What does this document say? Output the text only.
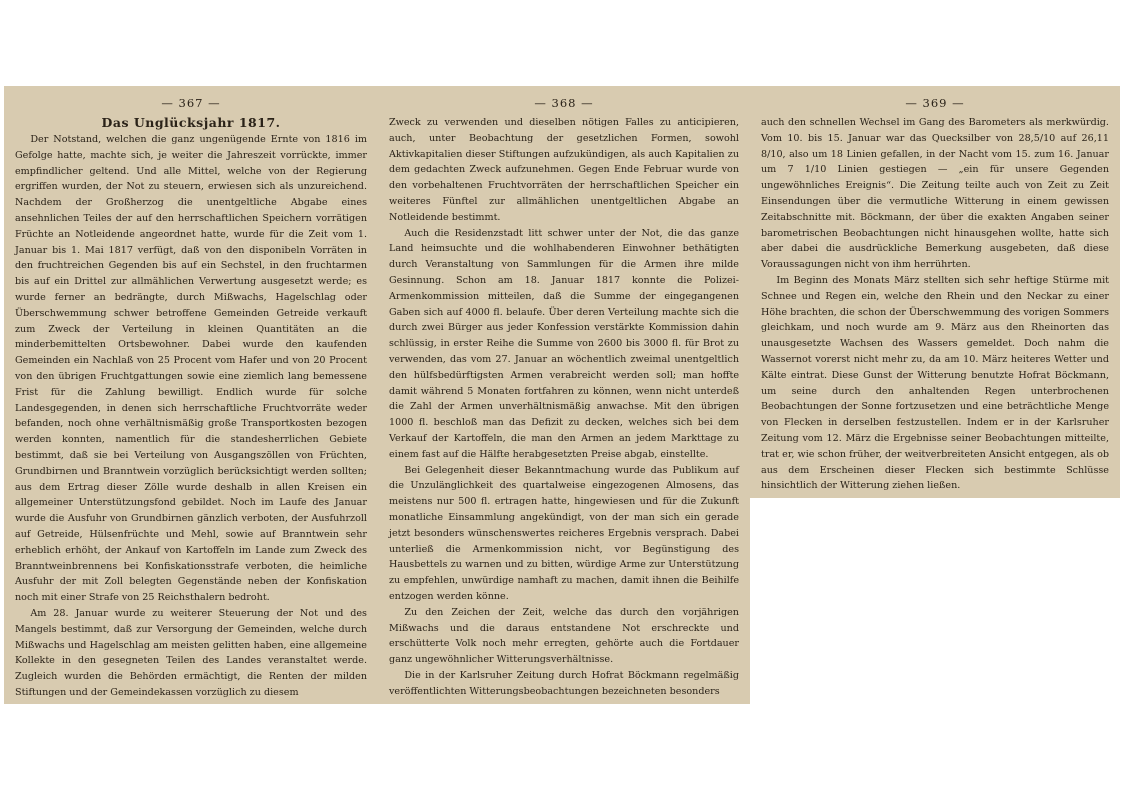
— 367 —
Das Unglücksjahr 1817.

Der Notstand, welchen die ganz ungenügende Ernte von 1816 im Gefolge hatte, machte sich, je weiter die Jahreszeit vorrückte, immer empfindlicher geltend. Und alle Mittel, welche von der Regierung ergriffen wurden, der Not zu steuern, erwiesen sich als unzureichend. Nachdem der Großherzog die unentgeltliche Abgabe eines ansehnlichen Teiles der auf den herrschaftlichen Speichern vorrätigen Früchte an Notleidende angeordnet hatte, wurde für die Zeit vom 1. Januar bis 1. Mai 1817 verfügt, daß von den disponibeln Vorräten in den fruchtreichen Gegenden bis auf ein Sechstel, in den fruchtarmen bis auf ein Drittel zur allmählichen Verwertung ausgesetzt werde; es wurde ferner an bedrängte, durch Mißwachs, Hagelschlag oder Überschwemmung schwer betroffene Gemeinden Getreide verkauft zum Zweck der Verteilung in kleinen Quantitäten an die minderbemittelten Ortsbewohner. Dabei wurde den kaufenden Gemeinden ein Nachlaß von 25 Procent vom Hafer und von 20 Procent von den übrigen Fruchtgattungen sowie eine ziemlich lang bemessene Frist für die Zahlung bewilligt. Endlich wurde für solche Landesgegenden, in denen sich herrschaftliche Fruchtvorräte weder befanden, noch ohne verhältnismäßig große Transportkosten bezogen werden konnten, namentlich für die standesherrlichen Gebiete bestimmt, daß sie bei Verteilung von Ausgangszöllen von Früchten, Grundbirnen und Branntwein vorzüglich berücksichtigt werden sollten; aus dem Ertrag dieser Zölle wurde deshalb in allen Kreisen ein allgemeiner Unterstützungsfond gebildet. Noch im Laufe des Januar wurde die Ausfuhr von Grundbirnen gänzlich verboten, der Ausfuhrzoll auf Getreide, Hülsenfrüchte und Mehl, sowie auf Branntwein sehr erheblich erhöht, der Ankauf von Kartoffeln im Lande zum Zweck des Branntweinbrennens bei Konfiskationsstrafe verboten, die heimliche Ausfuhr der mit Zoll belegten Gegenstände neben der Konfiskation noch mit einer Strafe von 25 Reichsthalern bedroht.

Am 28. Januar wurde zu weiterer Steuerung der Not und des Mangels bestimmt, daß zur Versorgung der Gemeinden, welche durch Mißwachs und Hagelschlag am meisten gelitten haben, eine allgemeine Kollekte in den gesegneten Teilen des Landes veranstaltet werde. Zugleich wurden die Behörden ermächtigt, die Renten der milden Stiftungen und der Gemeindekassen vorzüglich zu diesem

— 368 —

Zweck zu verwenden und dieselben nötigen Falles zu anticipieren, auch, unter Beobachtung der gesetzlichen Formen, sowohl Aktivkapitalien dieser Stiftungen aufzukündigen, als auch Kapitalien zu dem gedachten Zweck aufzunehmen. Gegen Ende Februar wurde von den vorbehaltenen Fruchtvorräten der herrschaftlichen Speicher ein weiteres Fünftel zur allmählichen unentgeltlichen Abgabe an Notleidende bestimmt.

Auch die Residenzstadt litt schwer unter der Not, die das ganze Land heimsuchte und die wohlhabenderen Einwohner bethätigten durch Veranstaltung von Sammlungen für die Armen ihre milde Gesinnung. Schon am 18. Januar 1817 konnte die Polizei-Armenkommission mitteilen, daß die Summe der eingegangenen Gaben sich auf 4000 fl. belaufe. Über deren Verteilung machte sich die durch zwei Bürger aus jeder Konfession verstärkte Kommission dahin schlüssig, in erster Reihe die Summe von 2600 bis 3000 fl. für Brot zu verwenden, das vom 27. Januar an wöchentlich zweimal unentgeltlich den hülfsbedürftigsten Armen verabreicht werden soll; man hoffte damit während 5 Monaten fortfahren zu können, wenn nicht unterdeß die Zahl der Armen unverhältnismäßig anwachse. Mit den übrigen 1000 fl. beschloß man das Defizit zu decken, welches sich bei dem Verkauf der Kartoffeln, die man den Armen an jedem Markttage zu einem fast auf die Hälfte herabgesetzten Preise abgab, einstellte.

Bei Gelegenheit dieser Bekanntmachung wurde das Publikum auf die Unzulänglichkeit des quartalweise eingezogenen Almosens, das meistens nur 500 fl. ertragen hatte, hingewiesen und für die Zukunft monatliche Einsammlung angekündigt, von der man sich ein gerade jetzt besonders wünschenswertes reicheres Ergebnis versprach. Dabei unterließ die Armenkommission nicht, vor Begünstigung des Hausbettels zu warnen und zu bitten, würdige Arme zur Unterstützung zu empfehlen, unwürdige namhaft zu machen, damit ihnen die Beihilfe entzogen werden könne.

Zu den Zeichen der Zeit, welche das durch den vorjährigen Mißwachs und die daraus entstandene Not erschreckte und erschütterte Volk noch mehr erregten, gehörte auch die Fortdauer ganz ungewöhnlicher Witterungsverhältnisse.

Die in der Karlsruher Zeitung durch Hofrat Böckmann regelmäßig veröffentlichten Witterungsbeobachtungen bezeichneten besonders

— 369 —

auch den schnellen Wechsel im Gang des Barometers als merkwürdig. Vom 10. bis 15. Januar war das Quecksilber von 28,5/10 auf 26,11 8/10, also um 18 Linien gefallen, in der Nacht vom 15. zum 16. Januar um 7 1/10 Linien gestiegen — „ein für unsere Gegenden ungewöhnliches Ereignis“. Die Zeitung teilte auch von Zeit zu Zeit Einsendungen über die vermutliche Witterung in einem gewissen Zeitabschnitte mit. Böckmann, der über die exakten Angaben seiner barometrischen Beobachtungen nicht hinausgehen wollte, hatte sich aber dabei die ausdrückliche Bemerkung ausgebeten, daß diese Voraussagungen nicht von ihm herrührten.

Im Beginn des Monats März stellten sich sehr heftige Stürme mit Schnee und Regen ein, welche den Rhein und den Neckar zu einer Höhe brachten, die schon der Überschwemmung des vorigen Sommers gleichkam, und noch wurde am 9. März aus den Rheinorten das unausgesetzte Wachsen des Wassers gemeldet. Doch nahm die Wassernot vorerst nicht mehr zu, da am 10. März heiteres Wetter und Kälte eintrat. Diese Gunst der Witterung benutzte Hofrat Böckmann, um seine durch den anhaltenden Regen unterbrochenen Beobachtungen der Sonne fortzusetzen und eine beträchtliche Menge von Flecken in derselben festzustellen. Indem er in der Karlsruher Zeitung vom 12. März die Ergebnisse seiner Beobachtungen mitteilte, trat er, wie schon früher, der weitverbreiteten Ansicht entgegen, als ob aus dem Erscheinen dieser Flecken sich bestimmte Schlüsse hinsichtlich der Witterung ziehen ließen.
